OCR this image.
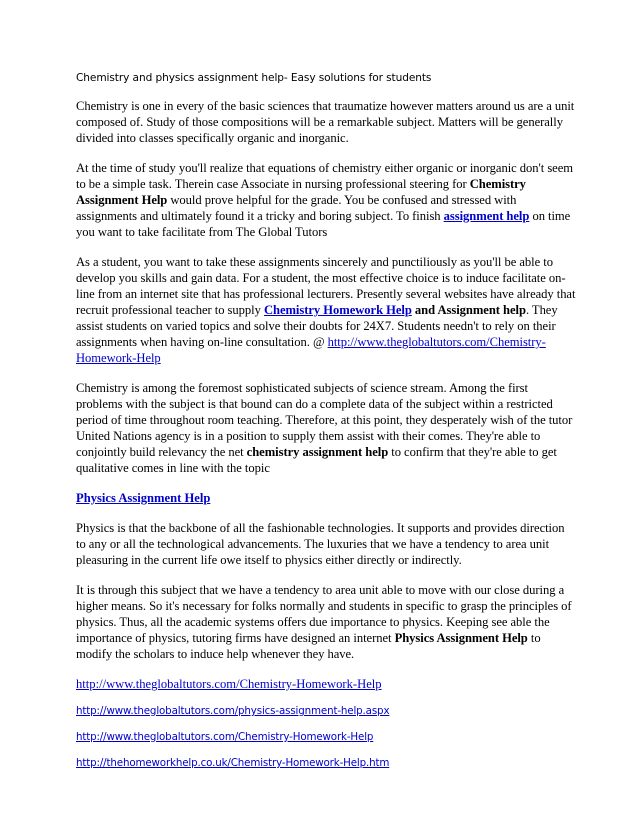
Chemistry and physics assignment help- Easy solutions for students

Chemistry is one in every of the basic sciences that traumatize however matters around us are a unit composed of. Study of those compositions will be a remarkable subject. Matters will be generally divided into classes specifically organic and inorganic.

At the time of study you'll realize that equations of chemistry either organic or inorganic don't seem to be a simple task. Therein case Associate in nursing professional steering for Chemistry Assignment Help would prove helpful for the grade. You be confused and stressed with assignments and ultimately found it a tricky and boring subject. To finish assignment help on time you want to take facilitate from The Global Tutors

As a student, you want to take these assignments sincerely and punctiliously as you'll be able to develop you skills and gain data. For a student, the most effective choice is to induce facilitate on-line from an internet site that has professional lecturers. Presently several websites have already that recruit professional teacher to supply Chemistry Homework Help and Assignment help. They assist students on varied topics and solve their doubts for 24X7. Students needn't to rely on their assignments when having on-line consultation. @ http://www.theglobaltutors.com/Chemistry-Homework-Help

Chemistry is among the foremost sophisticated subjects of science stream. Among the first problems with the subject is that bound can do a complete data of the subject within a restricted period of time throughout room teaching. Therefore, at this point, they desperately wish of the tutor United Nations agency is in a position to supply them assist with their comes. They're able to conjointly build relevancy the net chemistry assignment help to confirm that they're able to get qualitative comes in line with the topic

Physics Assignment Help

Physics is that the backbone of all the fashionable technologies. It supports and provides direction to any or all the technological advancements. The luxuries that we have a tendency to area unit pleasuring in the current life owe itself to physics either directly or indirectly.

It is through this subject that we have a tendency to area unit able to move with our close during a higher means. So it's necessary for folks normally and students in specific to grasp the principles of physics. Thus, all the academic systems offers due importance to physics. Keeping see able the importance of physics, tutoring firms have designed an internet Physics Assignment Help to modify the scholars to induce help whenever they have.

http://www.theglobaltutors.com/Chemistry-Homework-Help
http://www.theglobaltutors.com/physics-assignment-help.aspx
http://www.theglobaltutors.com/Chemistry-Homework-Help
http://thehomeworkhelp.co.uk/Chemistry-Homework-Help.htm
